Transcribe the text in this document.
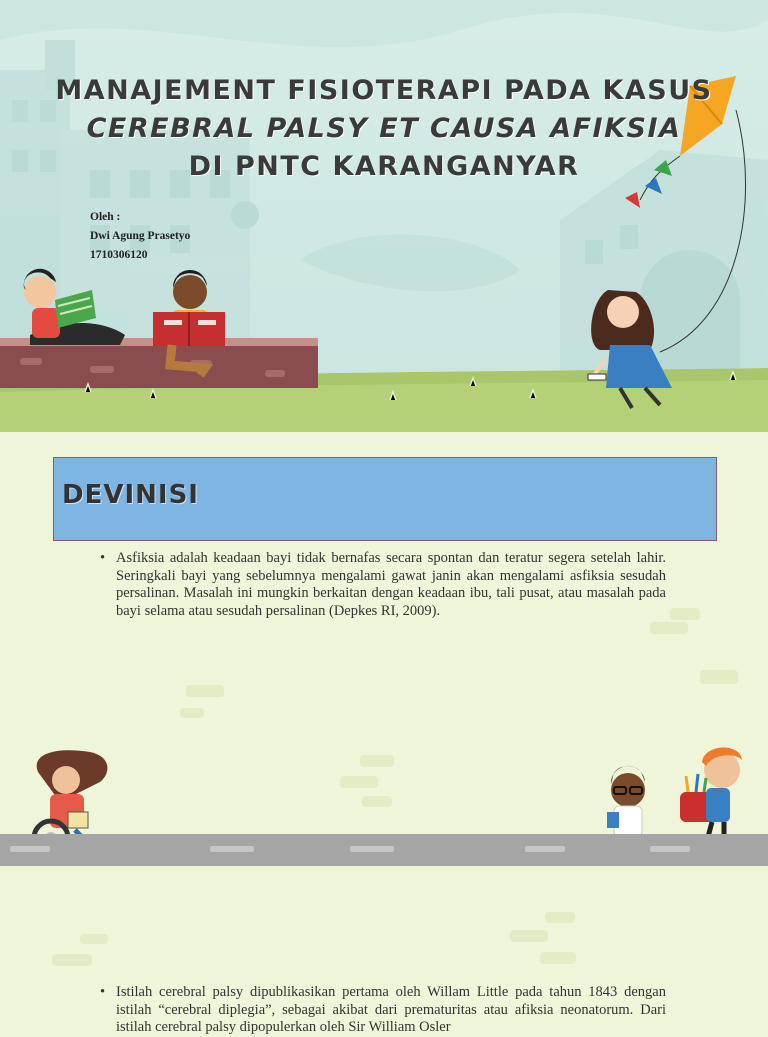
MANAJEMENT FISIOTERAPI PADA KASUS
CEREBRAL PALSY ET CAUSA AFIKSIA
DI PNTC KARANGANYAR
Oleh :
Dwi Agung Prasetyo
1710306120
DEVINISI
• Asfiksia adalah keadaan bayi tidak bernafas secara spontan dan teratur segera setelah lahir. Seringkali bayi yang sebelumnya mengalami gawat janin akan mengalami asfiksia sesudah persalinan. Masalah ini mungkin berkaitan dengan keadaan ibu, tali pusat, atau masalah pada bayi selama atau sesudah persalinan (Depkes RI, 2009).
• Istilah cerebral palsy dipublikasikan pertama oleh Willam Little pada tahun 1843 dengan istilah “cerebral diplegia”, sebagai akibat dari prematuritas atau afiksia neonatorum. Dari istilah cerebral palsy dipopulerkan oleh Sir William Osler
